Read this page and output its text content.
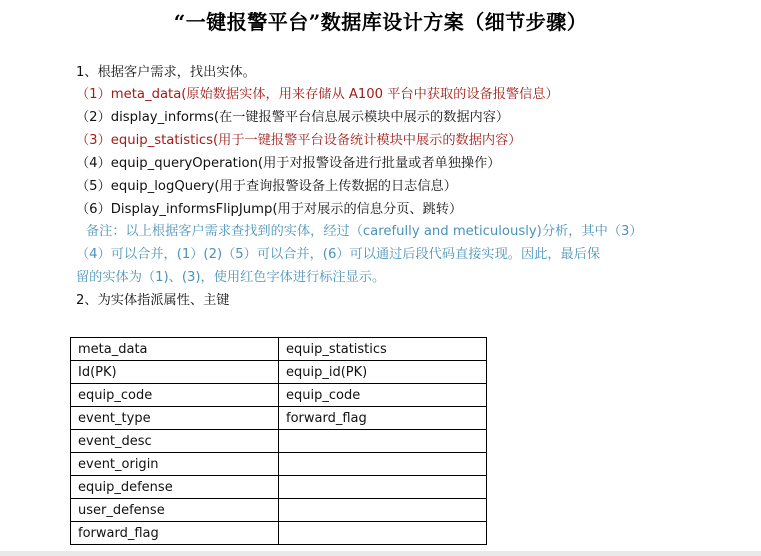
“一键报警平台”数据库设计方案（细节步骤）
1、根据客户需求，找出实体。
（1）meta_data(原始数据实体，用来存储从 A100 平台中获取的设备报警信息）
（2）display_informs(在一键报警平台信息展示模块中展示的数据内容）
（3）equip_statistics(用于一键报警平台设备统计模块中展示的数据内容）
（4）equip_queryOperation(用于对报警设备进行批量或者单独操作）
（5）equip_logQuery(用于查询报警设备上传数据的日志信息）
（6）Display_informsFlipJump(用于对展示的信息分页、跳转）
备注：以上根据客户需求查找到的实体，经过（carefully and meticulously)分析，其中（3）
（4）可以合并，(1）(2)（5）可以合并，(6）可以通过后段代码直接实现。因此，最后保
留的实体为（1)、(3)，使用红色字体进行标注显示。
2、为实体指派属性、主键
meta_data	equip_statistics
Id(PK)	equip_id(PK)
equip_code	equip_code
event_type	forward_flag
event_desc	
event_origin	
equip_defense	
user_defense	
forward_flag	
